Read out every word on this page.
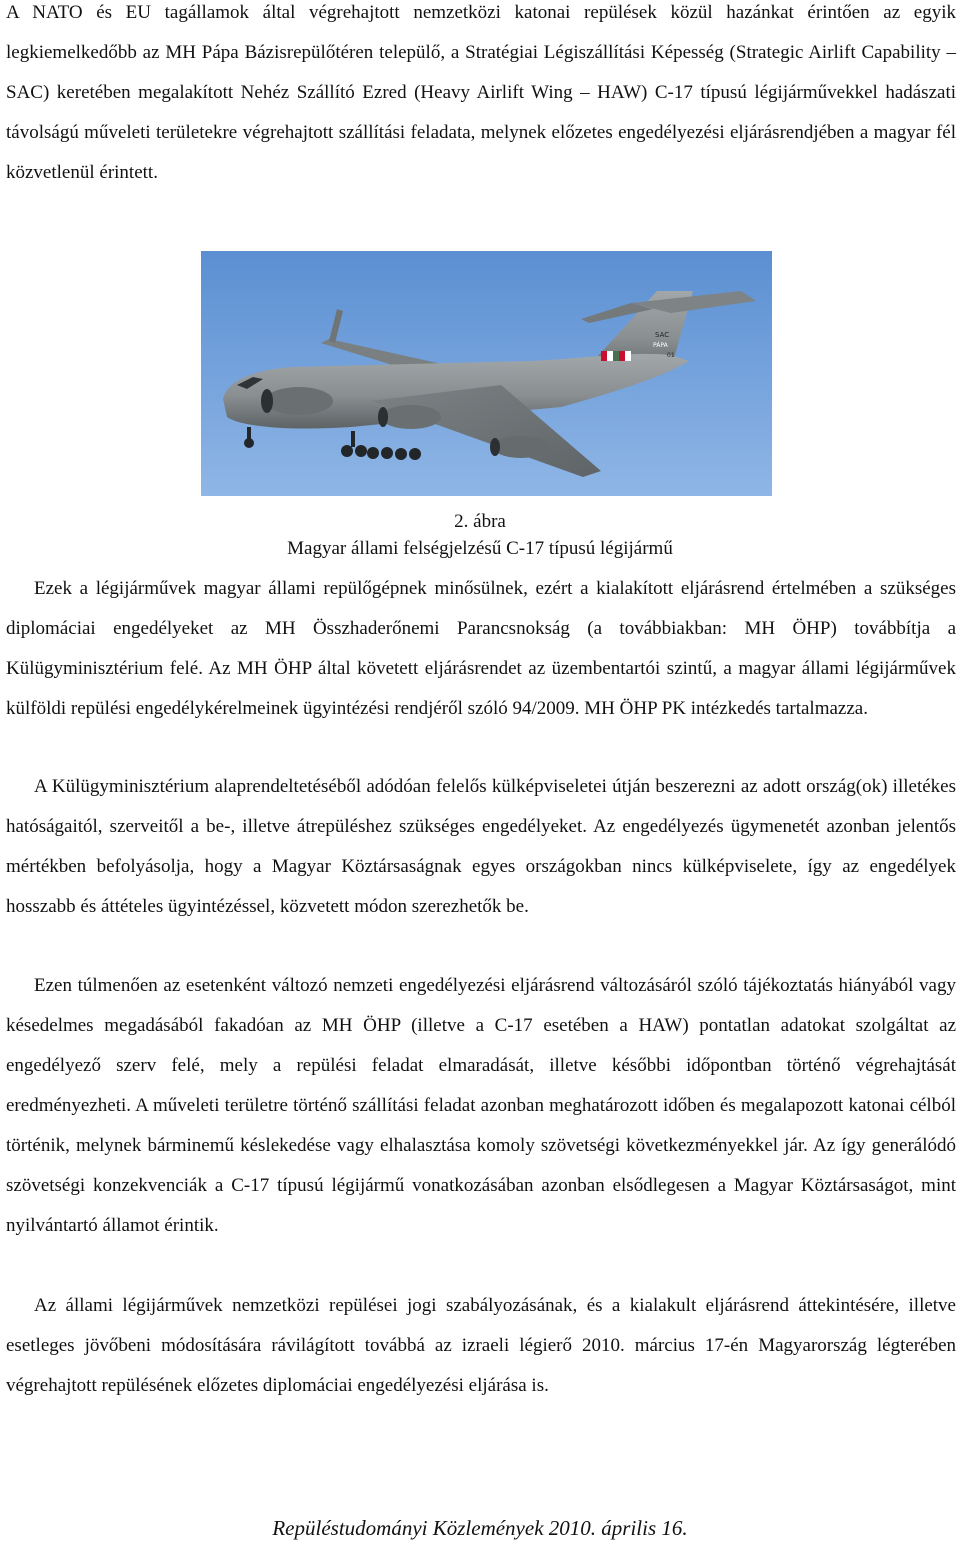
A NATO és EU tagállamok által végrehajtott nemzetközi katonai repülések közül hazánkat érintően az egyik legkiemelkedőbb az MH Pápa Bázisrepülőtéren települő, a Stratégiai Légiszállítási Képesség (Strategic Airlift Capability – SAC) keretében megalakított Nehéz Szállító Ezred (Heavy Airlift Wing – HAW) C-17 típusú légijárművekkel hadászati távolságú műveleti területekre végrehajtott szállítási feladata, melynek előzetes engedélyezési eljárásrendjében a magyar fél közvetlenül érintett.

SAC
PÁPA
01

2. ábra

Magyar állami felségjelzésű C-17 típusú légijármű

Ezek a légijárművek magyar állami repülőgépnek minősülnek, ezért a kialakított eljárásrend értelmében a szükséges diplomáciai engedélyeket az MH Összhaderőnemi Parancsnokság (a továbbiakban: MH ÖHP) továbbítja a Külügyminisztérium felé. Az MH ÖHP által követett eljárásrendet az üzembentartói szintű, a magyar állami légijárművek külföldi repülési engedélykérelmeinek ügyintézési rendjéről szóló 94/2009. MH ÖHP PK intézkedés tartalmazza.

A Külügyminisztérium alaprendeltetéséből adódóan felelős külképviseletei útján beszerezni az adott ország(ok) illetékes hatóságaitól, szerveitől a be-, illetve átrepüléshez szükséges engedélyeket. Az engedélyezés ügymenetét azonban jelentős mértékben befolyásolja, hogy a Magyar Köztársaságnak egyes országokban nincs külképviselete, így az engedélyek hosszabb és áttételes ügyintézéssel, közvetett módon szerezhetők be.

Ezen túlmenően az esetenként változó nemzeti engedélyezési eljárásrend változásáról szóló tájékoztatás hiányából vagy késedelmes megadásából fakadóan az MH ÖHP (illetve a C-17 esetében a HAW) pontatlan adatokat szolgáltat az engedélyező szerv felé, mely a repülési feladat elmaradását, illetve későbbi időpontban történő végrehajtását eredményezheti. A műveleti területre történő szállítási feladat azonban meghatározott időben és megalapozott katonai célból történik, melynek bárminemű késlekedése vagy elhalasztása komoly szövetségi következményekkel jár. Az így generálódó szövetségi konzekvenciák a C-17 típusú légijármű vonatkozásában azonban elsődlegesen a Magyar Köztársaságot, mint nyilvántartó államot érintik.

Az állami légijárművek nemzetközi repülései jogi szabályozásának, és a kialakult eljárásrend áttekintésére, illetve esetleges jövőbeni módosítására rávilágított továbbá az izraeli légierő 2010. március 17-én Magyarország légterében végrehajtott repülésének előzetes diplomáciai engedélyezési eljárása is.

Repüléstudományi Közlemények 2010. április 16.
